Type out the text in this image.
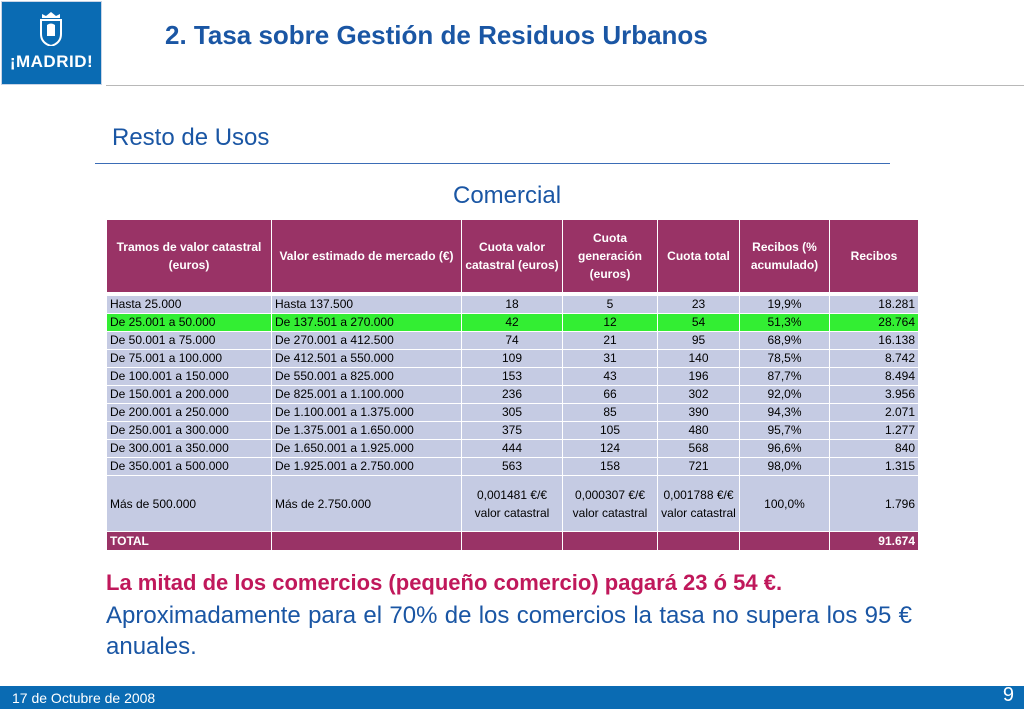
¡MADRID!
2. Tasa sobre Gestión de Residuos Urbanos
Resto de Usos
Comercial
Tramos de valor catastral (euros)	Valor estimado de mercado (€)	Cuota valor catastral (euros)	Cuota generación (euros)	Cuota total	Recibos (% acumulado)	Recibos

Hasta 25.000	Hasta 137.500	18	5	23	19,9%	18.281
De 25.001 a 50.000	De 137.501 a 270.000	42	12	54	51,3%	28.764
De 50.001 a 75.000	De 270.001 a 412.500	74	21	95	68,9%	16.138
De 75.001 a 100.000	De 412.501 a 550.000	109	31	140	78,5%	8.742
De 100.001 a 150.000	De 550.001 a 825.000	153	43	196	87,7%	8.494
De 150.001 a 200.000	De 825.001 a 1.100.000	236	66	302	92,0%	3.956
De 200.001 a 250.000	De 1.100.001 a 1.375.000	305	85	390	94,3%	2.071
De 250.001 a 300.000	De 1.375.001 a 1.650.000	375	105	480	95,7%	1.277
De 300.001 a 350.000	De 1.650.001 a 1.925.000	444	124	568	96,6%	840
De 350.001 a 500.000	De 1.925.001 a 2.750.000	563	158	721	98,0%	1.315
Más de 500.000	Más de 2.750.000	0,001481 €/€ valor catastral	0,000307 €/€ valor catastral	0,001788 €/€ valor catastral	100,0%	1.796
TOTAL						91.674
La mitad de los comercios (pequeño comercio) pagará 23 ó 54 €.
Aproximadamente para el 70% de los comercios la tasa no supera los 95 € anuales.
17 de Octubre de 2008	9
